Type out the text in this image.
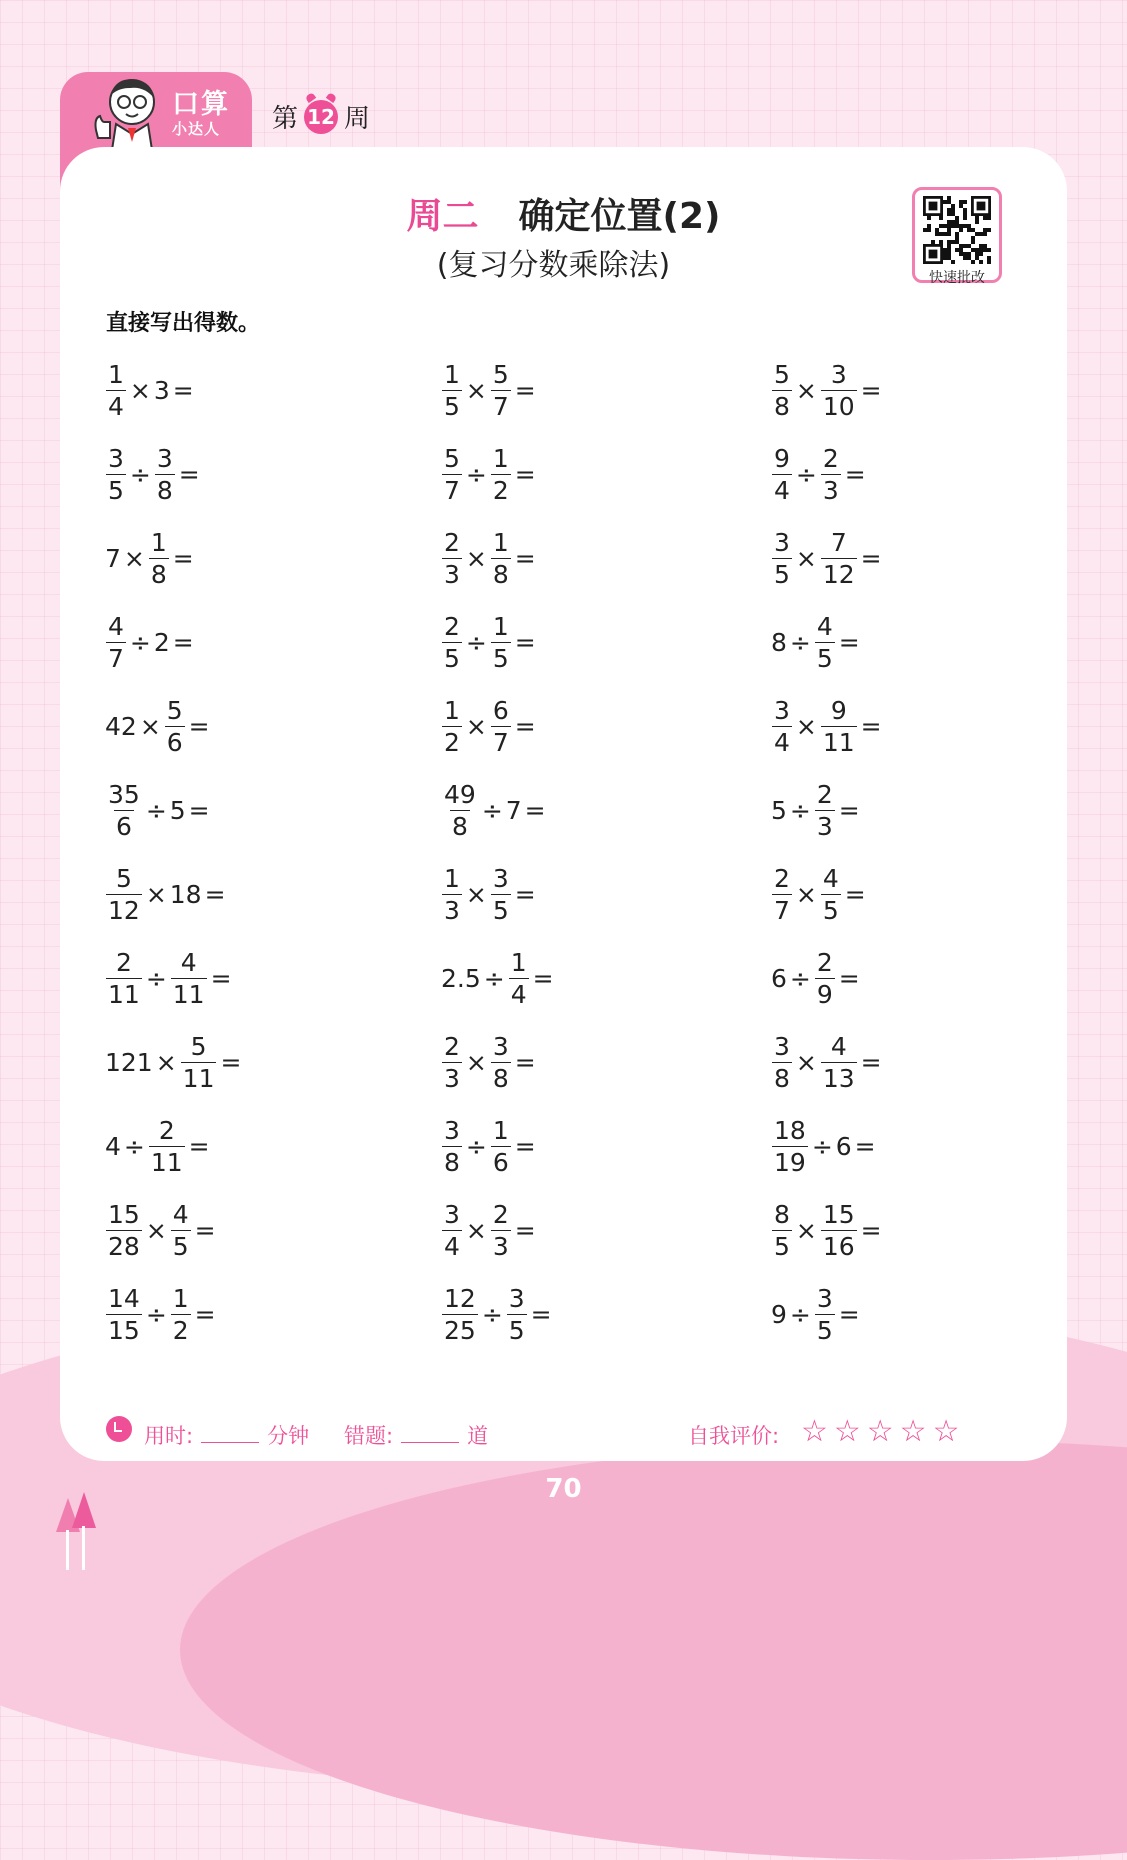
口算
小达人 第 12 周
周二 确定位置(2)
(复习分数乘除法)	快速批改
直接写出得数。
$\frac{1}{4} \times 3$ =	$\frac{1}{5} \times \frac{5}{7}$ =	$\frac{5}{8} \times \frac{3}{10}$ =
$\frac{3}{5} \div \frac{3}{8}$ =	$\frac{5}{7} \div \frac{1}{2}$ =	$\frac{9}{4} \div \frac{2}{3}$ =
$7 \times \frac{1}{8}$ =	$\frac{2}{3} \times \frac{1}{8}$ =	$\frac{3}{5} \times \frac{7}{12}$ =
$\frac{4}{7} \div 2$ =	$\frac{2}{5} \div \frac{1}{5}$ =	$8 \div \frac{4}{5}$ =
$42 \times \frac{5}{6}$ =	$\frac{1}{2} \times \frac{6}{7}$ =	$\frac{3}{4} \times \frac{9}{11}$ =
$\frac{35}{6} \div 5$ =	$\frac{49}{8} \div 7$ =	$5 \div \frac{2}{3}$ =
$\frac{5}{12} \times 18$ =	$\frac{1}{3} \times \frac{3}{5}$ =	$\frac{2}{7} \times \frac{4}{5}$ =
$\frac{2}{11} \div \frac{4}{11}$ =	$2.5 \div \frac{1}{4}$ =	$6 \div \frac{2}{9}$ =
$121 \times \frac{5}{11}$ =	$\frac{2}{3} \times \frac{3}{8}$ =	$\frac{3}{8} \times \frac{4}{13}$ =
$4 \div \frac{2}{11}$ =	$\frac{3}{8} \div \frac{1}{6}$ =	$\frac{18}{19} \div 6$ =
$\frac{15}{28} \times \frac{4}{5}$ =	$\frac{3}{4} \times \frac{2}{3}$ =	$\frac{8}{5} \times \frac{15}{16}$ =
$\frac{14}{15} \div \frac{1}{2}$ =	$\frac{12}{25} \div \frac{3}{5}$ =	$9 \div \frac{3}{5}$ =
用时:	分钟 错题:	道	自我评价: ☆☆☆☆☆
70
